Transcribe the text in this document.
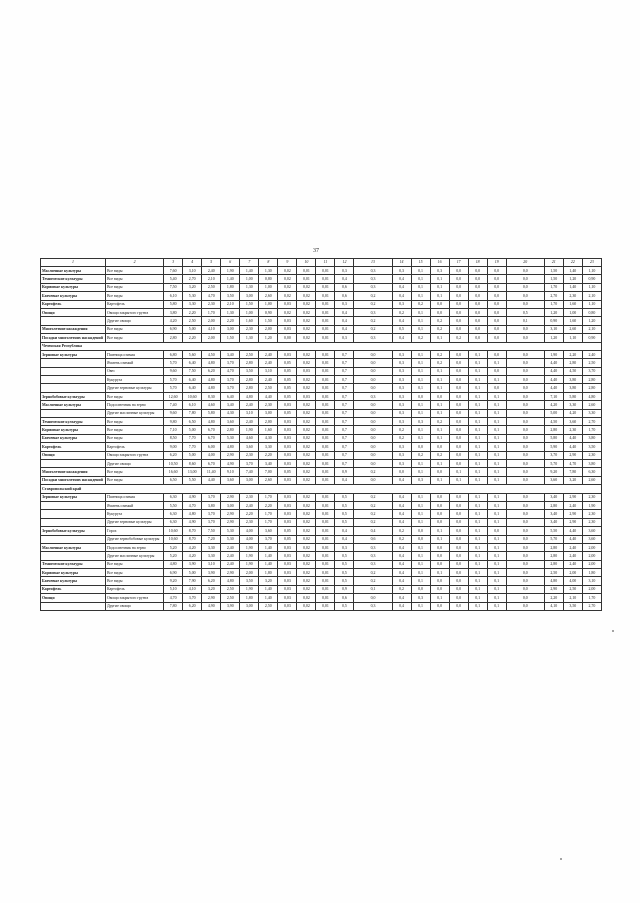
37
1	2	3	4	5	6	7	8	9	10	11	12	13	14	15	16	17	18	19	20	21	22	23
Масличные культуры	Все виды	7,60	3,10	2,40	1,90	1,40	1,30	0,02	0,01	0,01	0,3	0,3	0,3	0,1	0,3	0,0	0,0	0,0	0,0	1,50	1,40	1,10
Технические культуры	Все виды	5,40	2,70	2,10	1,40	1,00	0,80	0,02	0,01	0,01	0,4	0,3	0,4	0,1	0,1	0,0	0,0	0,0	0,0	1,50	1,20	0,90
Кормовые культуры	Все виды	7,50	3,20	2,50	1,80	1,30	1,00	0,02	0,02	0,01	0,6	0,3	0,4	0,1	0,1	0,0	0,0	0,0	0,0	1,70	1,40	1,10
Бахчевые культуры	Все виды	6,10	5,30	4,70	3,50	3,00	2,60	0,02	0,02	0,01	0,6	0,2	0,4	0,1	0,1	0,0	0,0	0,0	0,0	2,70	2,30	2,10
Картофель	Картофель	5,80	3,30	2,30	2,10	1,50	1,00	0,03	0,02	0,01	0,3	0,2	0,3	0,2	0,0	0,0	0,0	0,0	0,0	1,70	1,60	1,10
Овощи	Овощи закрытого грунта	3,80	2,20	1,70	1,30	1,00	0,90	0,02	0,02	0,01	0,4	0,3	0,2	0,1	0,0	0,0	0,0	0,0	0,5	1,20	1,00	0,80
	Другие овощи	4,20	2,50	2,00	2,20	1,60	1,50	0,03	0,02	0,01	0,4	0,2	0,4	0,1	0,2	0,0	0,0	0,0	0,1	0,90	1,60	1,20
Многолетние насаждения	Все виды	6,90	5,00	4,10	3,00	2,30	2,00	0,03	0,02	0,01	0,4	0,2	0,5	0,1	0,2	0,0	0,0	0,0	0,0	3,10	2,60	2,10
Посадки многолетних насаждений	Все виды	2,80	2,20	2,00	1,50	1,30	1,20	0,00	0,02	0,01	0,3	0,3	0,4	0,2	0,1	0,2	0,0	0,0	0,0	1,20	1,10	0,90
Чеченская Республика																						
Зерновые культуры	Пшеница озимая	6,80	5,60	4,50	3,40	2,50	2,40	0,03	0,02	0,01	0,7	0,0	0,3	0,1	0,2	0,0	0,1	0,0	0,0	1,90	2,20	2,40
	Ячмень озимый	5,70	6,40	4,80	3,70	2,80	2,40	0,05	0,02	0,01	0,7	0,0	0,3	0,1	0,2	0,0	0,1	0,1	0,0	4,40	2,80	2,50
	Овес	9,60	7,50	6,20	4,70	3,50	3,10	0,05	0,03	0,01	0,7	0,0	0,3	0,1	0,1	0,0	0,1	0,0	0,0	4,40	4,50	3,70
	Кукуруза	5,70	6,40	4,80	3,70	2,80	2,40	0,05	0,02	0,01	0,7	0,0	0,3	0,1	0,1	0,0	0,1	0,1	0,0	4,40	3,80	2,80
	Другие зерновые культуры	5,70	6,40	4,80	3,70	2,80	2,50	0,05	0,02	0,01	0,7	0,0	0,3	0,1	0,1	0,0	0,1	0,0	0,0	4,40	3,80	2,80
Зернобобовые культуры	Все виды	12,60	10,60	8,30	6,40	4,80	4,40	0,05	0,03	0,01	0,7	0,3	0,3	0,0	0,0	0,0	0,1	0,1	0,0	7,10	5,80	4,80
Масличные культуры	Подсолнечник на зерно	7,40	6,10	4,60	3,40	2,40	2,30	0,03	0,02	0,01	0,7	0,0	0,3	0,1	0,1	0,0	0,1	0,1	0,0	4,20	3,30	2,60
	Другие масличные культуры	9,60	7,80	5,80	4,30	3,10	3,00	0,05	0,02	0,01	0,7	0,0	0,3	0,1	0,1	0,0	0,1	0,1	0,0	5,00	4,20	3,30
Технические культуры	Все виды	9,80	6,50	4,80	3,60	2,40	2,00	0,03	0,02	0,01	0,7	0,0	0,3	0,3	0,2	0,0	0,1	0,1	0,0	4,50	3,60	2,70
Кормовые культуры	Все виды	7,10	5,00	6,70	2,80	1,90	1,60	0,03	0,02	0,01	0,7	0,0	0,2	0,1	0,1	0,0	0,1	0,1	0,0	2,80	2,30	1,70
Бахчевые культуры	Все виды	8,50	7,70	6,70	5,30	4,60	4,30	0,03	0,02	0,01	0,7	0,0	0,2	0,1	0,1	0,0	0,1	0,1	0,0	5,80	4,40	3,80
Картофель	Картофель	9,00	7,70	6,00	4,80	3,60	3,30	0,03	0,02	0,01	0,7	0,0	0,3	0,0	0,0	0,0	0,1	0,1	0,0	5,90	4,40	3,50
Овощи	Овощи закрытого грунта	6,20	5,00	4,00	2,90	2,30	2,20	0,03	0,02	0,01	0,7	0,0	0,3	0,2	0,2	0,0	0,1	0,1	0,0	3,70	2,90	2,30
	Другие овощи	10,50	8,60	6,70	4,90	3,70	3,40	0,03	0,02	0,01	0,7	0,0	0,3	0,1	0,1	0,0	0,1	0,1	0,0	5,70	4,70	3,80
Многолетние насаждения	Все виды	16,60	13,00	11,40	9,10	7,40	7,00	0,05	0,02	0,01	0,9	0,2	0,0	0,1	0,0	0,1	0,1	0,1	0,0	9,20	7,80	6,30
Посадки многолетних насаждений	Все виды	6,50	5,50	4,40	3,60	3,00	2,60	0,03	0,02	0,01	0,4	0,0	0,4	0,3	0,1	0,1	0,1	0,1	0,0	3,60	3,20	2,60
Ставропольский край																						
Зерновые культуры	Пшеница озимая	6,30	4,90	3,70	2,90	2,30	1,70	0,03	0,02	0,01	0,5	0,2	0,4	0,1	0,0	0,0	0,1	0,1	0,0	3,40	2,90	2,30
	Ячмень озимый	5,50	4,70	3,80	3,00	2,40	2,20	0,03	0,02	0,01	0,5	0,2	0,4	0,1	0,0	0,0	0,1	0,1	0,0	2,80	2,40	1,90
	Кукуруза	6,30	4,80	3,70	2,90	2,20	1,70	0,03	0,02	0,01	0,5	0,2	0,4	0,1	0,0	0,0	0,1	0,1	0,0	3,40	2,90	2,30
	Другие зерновые культуры	6,30	4,90	3,70	2,90	2,30	1,70	0,03	0,02	0,01	0,5	0,2	0,4	0,1	0,0	0,0	0,1	0,1	0,0	3,40	2,90	2,30
Зернобобовые культуры	Горох	10,60	8,70	7,50	5,30	4,00	3,60	0,05	0,02	0,01	0,4	0,4	0,2	0,0	0,1	0,0	0,1	0,0	0,0	5,50	4,40	3,60
	Другие зернобобовые культуры	10,60	8,70	7,20	5,30	4,00	3,70	0,05	0,02	0,01	0,4	0,6	0,2	0,0	0,1	0,0	0,1	0,1	0,0	5,70	4,40	3,60
Масличные культуры	Подсолнечник на зерно	5,20	4,20	3,30	2,40	1,90	1,40	0,03	0,02	0,01	0,3	0,3	0,4	0,1	0,0	0,0	0,1	0,1	0,0	2,80	2,40	2,00
	Другие масличные культуры	5,20	4,20	3,30	2,40	1,90	1,40	0,03	0,02	0,01	0,5	0,3	0,4	0,1	0,0	0,0	0,1	0,1	0,0	2,80	2,40	2,00
Технические культуры	Все виды	4,80	3,90	3,10	2,40	1,90	1,40	0,03	0,02	0,01	0,5	0,3	0,4	0,1	0,0	0,0	0,1	0,1	0,0	2,80	2,40	2,00
Кормовые культуры	Все виды	6,90	5,00	3,90	2,90	2,00	1,80	0,03	0,02	0,01	0,5	0,2	0,4	0,1	0,1	0,0	0,1	0,1	0,0	2,50	2,00	1,80
Бахчевые культуры	Все виды	9,20	7,90	6,20	4,80	3,50	3,20	0,03	0,02	0,01	0,5	0,2	0,4	0,1	0,0	0,0	0,1	0,1	0,0	4,80	4,00	3,10
Картофель	Картофель	5,10	4,10	3,20	2,50	1,90	1,40	0,03	0,02	0,01	0,9	0,1	0,2	0,0	0,0	0,0	0,1	0,1	0,0	2,90	2,50	2,00
Овощи	Овощи закрытого грунта	4,70	3,70	2,90	2,50	1,80	1,40	0,03	0,02	0,01	0,6	0,0	0,4	0,3	0,1	0,0	0,1	0,1	0,0	2,20	2,10	1,70
	Другие овощи	7,80	6,20	4,90	3,90	3,00	2,50	0,03	0,02	0,01	0,5	0,3	0,4	0,1	0,0	0,0	0,1	0,1	0,0	4,10	3,50	2,70
